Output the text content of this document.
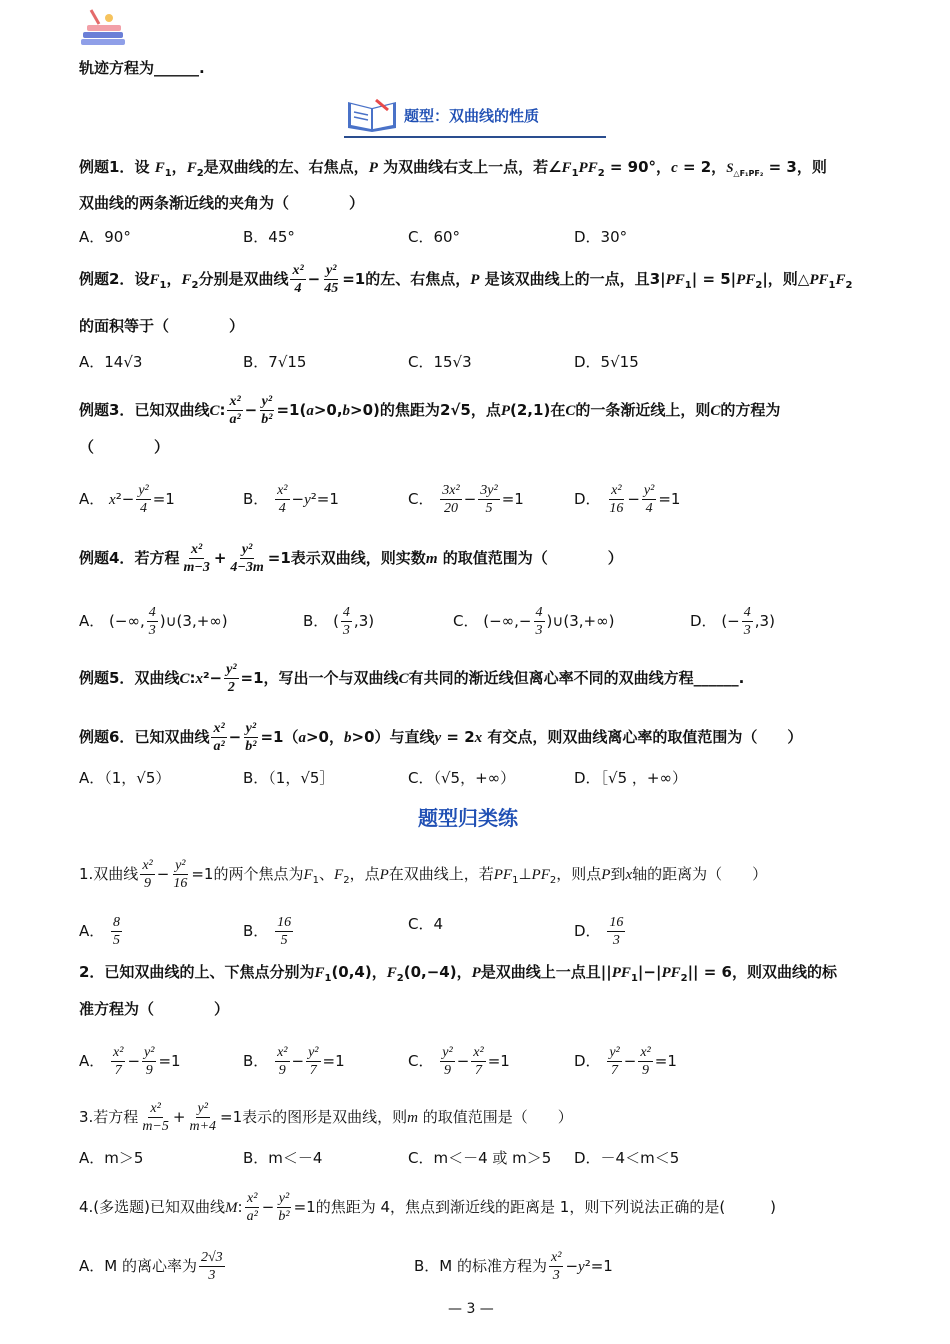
轨迹方程为______.
题型：双曲线的性质
例题1．设 $F_1$，$F_2$是双曲线的左、右焦点，P 为双曲线右支上一点，若$\angle F_1PF_2 = 90^\circ$，c = 2，$S_{\triangle F_1PF_2} = 3$，则
双曲线的两条渐近线的夹角为（　　　　）
A．90°	B．45°	C．60°	D．30°
例题2．设$F_1$，$F_2$分别是双曲线 $\frac{\text{x²}}{4} - \frac{\text{y²}}{45} =1$的左、右焦点，P 是该双曲线上的一点，且$3|PF_1| = 5|PF_2|$，则$\triangle PF_1F_2$
的面积等于（　　　　）
A．14√3	B．7√15	C．15√3	D．5√15
例题3．已知双曲线C: $\frac{\text{x²}}{\text{a²}} - \frac{\text{y²}}{\text{b²}} =1(a>0,b>0)$的焦距为2√5，点P(2,1)在C的一条渐近线上，则C的方程为
（　　　　）
A． $x^2- \frac{\text{y²}}{4} =1$	B． $\frac{\text{x²}}{4} -y^2=1$	C． $\frac{\text{3x²}}{20} - \frac{\text{3y²}}{5} =1$	D． $\frac{\text{x²}}{16} - \frac{\text{y²}}{4} =1$
例题4．若方程 $\frac{\text{x²}}{m-3} + \frac{\text{y²}}{4-3m} =1$表示双曲线，则实数m 的取值范围为（　　　　）
A． (−∞, $\frac{4}{3}$ )∪(3,+∞)	B． ( $\frac{4}{3} ,3$)	C． (−∞,− $\frac{4}{3}$ )∪(3,+∞)	D． (− $\frac{4}{3} ,3$)
例题5．双曲线C:x²− $\frac{\text{y²}}{2} =1$，写出一个与双曲线C有共同的渐近线但离心率不同的双曲线方程______.
例题6．已知双曲线 $\frac{\text{x²}}{\text{a²}} - \frac{\text{y²}}{\text{b²}} =1(a>0$，b>0）与直线y = 2x 有交点，则双曲线离心率的取值范围为（　　）
A．（1，√5）	B．（1，√5］	C．（√5，+∞）	D．［√5 ，+∞）
题型归类练
1.双曲线 $\frac{\text{x²}}{9} - \frac{\text{y²}}{16} =1$的两个焦点为$F_1$、$F_2$，点P在双曲线上，若$PF_1\perp PF_2$，则点P到x轴的距离为（　　）
A． $\frac{8}{5}$	B． $\frac{16}{5}$	C．4	D． $\frac{16}{3}$
2．已知双曲线的上、下焦点分别为$F_1(0,4)$，$F_2(0,-4)$，P是双曲线上一点且$||PF_1|-|PF_2|| = 6$，则双曲线的标
准方程为（　　　　）
A． $\frac{\text{x²}}{7} - \frac{\text{y²}}{9} =1$	B． $\frac{\text{x²}}{9} - \frac{\text{y²}}{7} =1$	C． $\frac{\text{y²}}{9} - \frac{\text{x²}}{7} =1$	D． $\frac{\text{y²}}{7} - \frac{\text{x²}}{9} =1$
3.若方程 $\frac{\text{x²}}{m-5} + \frac{\text{y²}}{m+4} =1$表示的图形是双曲线，则m 的取值范围是（　　）
A．m＞5	B．m＜－4	C．m＜－4 或 m＞5 D．－4＜m＜5
4.(多选题)已知双曲线M: $\frac{\text{x²}}{\text{a²}} - \frac{\text{y²}}{\text{b²}} =1$的焦距为 4，焦点到渐近线的距离是 1，则下列说法正确的是(　　　)
A．M 的离心率为 $\frac{2√3}{3}$	B．M 的标准方程为 $\frac{\text{x²}}{3} -y^2=1$
— 3 —
